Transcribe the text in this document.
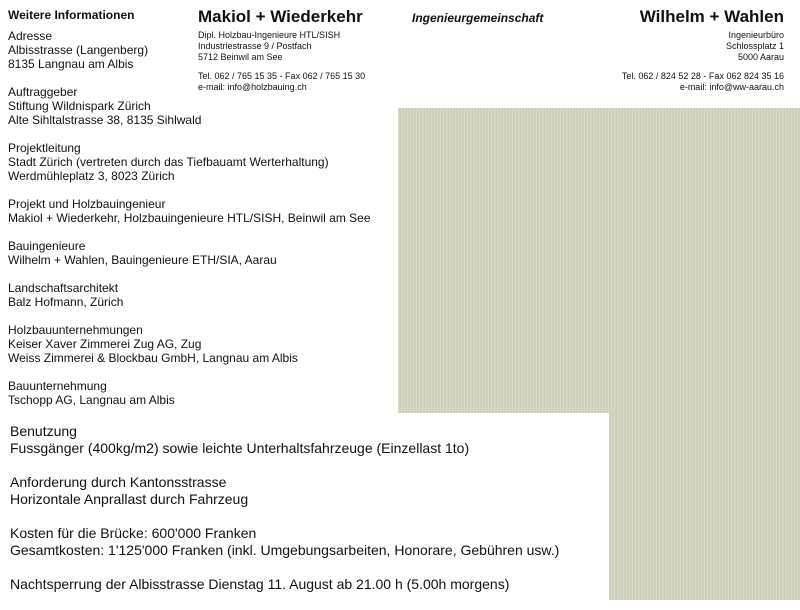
Makiol + Wiederkehr	Ingenieurgemeinschaft	Wilhelm + Wahlen
Dipl. Holzbau-Ingenieure HTL/SISH
Industriestrasse 9 / Postfach
5712 Beinwil am See
Tel. 062 / 765 15 35 - Fax 062 / 765 15 30
e-mail: info@holzbauing.ch
Ingenieurbüro
Schlossplatz 1
5000 Aarau
Tel. 062 / 824 52 28 - Fax 062 824 35 16
e-mail: info@ww-aarau.ch
Weitere Informationen
Adresse
Albisstrasse (Langenberg)
8135 Langnau am Albis
Auftraggeber
Stiftung Wildnispark Zürich
Alte Sihltalstrasse 38, 8135 Sihlwald
Projektleitung
Stadt Zürich (vertreten durch das Tiefbauamt Werterhaltung)
Werdmühleplatz 3, 8023 Zürich
Projekt und Holzbauingenieur
Makiol + Wiederkehr, Holzbauingenieure HTL/SISH, Beinwil am See
Bauingenieure
Wilhelm + Wahlen, Bauingenieure ETH/SIA, Aarau
Landschaftsarchitekt
Balz Hofmann, Zürich
Holzbauunternehmungen
Keiser Xaver Zimmerei Zug AG, Zug
Weiss Zimmerei & Blockbau GmbH, Langnau am Albis
Bauunternehmung
Tschopp AG, Langnau am Albis
Benutzung
Fussgänger (400kg/m2) sowie leichte Unterhaltsfahrzeuge (Einzellast 1to)
Anforderung durch Kantonsstrasse
Horizontale Anprallast durch Fahrzeug
Kosten für die Brücke: 600'000 Franken
Gesamtkosten: 1'125'000 Franken (inkl. Umgebungsarbeiten, Honorare, Gebühren usw.)
Nachtsperrung der Albisstrasse Dienstag 11. August ab 21.00 h (5.00h morgens)
